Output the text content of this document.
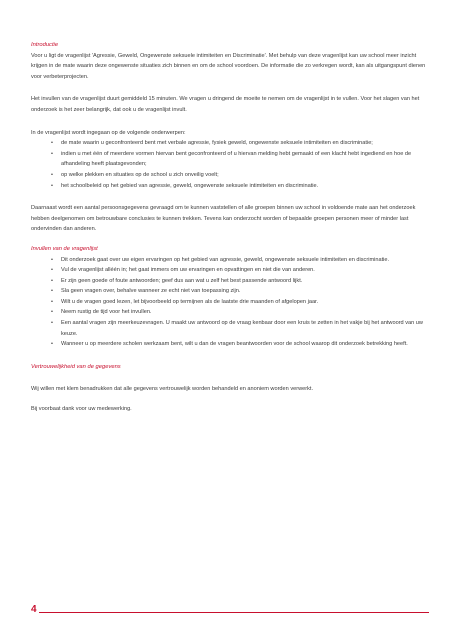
Introductie

Voor u ligt de vragenlijst 'Agressie, Geweld, Ongewenste seksuele intimiteiten en Discriminatie'. Met behulp van deze vragenlijst kan uw school meer inzicht krijgen in de mate waarin deze ongewenste situaties zich binnen en om de school voordoen. De informatie die zo verkregen wordt, kan als uitgangspunt dienen voor verbeterprojecten.

Het invullen van de vragenlijst duurt gemiddeld 15 minuten. We vragen u dringend de moeite te nemen om de vragenlijst in te vullen. Voor het slagen van het onderzoek is het zeer belangrijk, dat ook u de vragenlijst invult.

In de vragenlijst wordt ingegaan op de volgende onderwerpen:

• de mate waarin u geconfronteerd bent met verbale agressie, fysiek geweld, ongewenste seksuele intimiteiten en discriminatie;
• indien u met één of meerdere vormen hiervan bent geconfronteerd of u hiervan melding hebt gemaakt of een klacht hebt ingediend en hoe de afhandeling heeft plaatsgevonden;
• op welke plekken en situaties op de school u zich onveilig voelt;
• het schoolbeleid op het gebied van agressie, geweld, ongewenste seksuele intimiteiten en discriminatie.

Daarnaast wordt een aantal persoonsgegevens gevraagd om te kunnen vaststellen of alle groepen binnen uw school in voldoende mate aan het onderzoek hebben deelgenomen om betrouwbare conclusies te kunnen trekken. Tevens kan onderzocht worden of bepaalde groepen personen meer of minder last ondervinden dan anderen.

Invullen van de vragenlijst

• Dit onderzoek gaat over uw eigen ervaringen op het gebied van agressie, geweld, ongewenste seksuele intimiteiten en discriminatie.
• Vul de vragenlijst alléén in; het gaat immers om uw ervaringen en opvattingen en niet die van anderen.
• Er zijn geen goede of foute antwoorden; geef dus aan wat u zelf het best passende antwoord lijkt.
• Sla geen vragen over, behalve wanneer ze echt niet van toepassing zijn.
• Wilt u de vragen goed lezen, let bijvoorbeeld op termijnen als de laatste drie maanden of afgelopen jaar.
• Neem rustig de tijd voor het invullen.
• Een aantal vragen zijn meerkeuzevragen. U maakt uw antwoord op de vraag kenbaar door een kruis te zetten in het vakje bij het antwoord van uw keuze.
• Wanneer u op meerdere scholen werkzaam bent, wilt u dan de vragen beantwoorden voor de school waarop dit onderzoek betrekking heeft.

Vertrouwelijkheid van de gegevens

Wij willen met klem benadrukken dat alle gegevens vertrouwelijk worden behandeld en anoniem worden verwerkt.

Bij voorbaat dank voor uw medewerking.

4
